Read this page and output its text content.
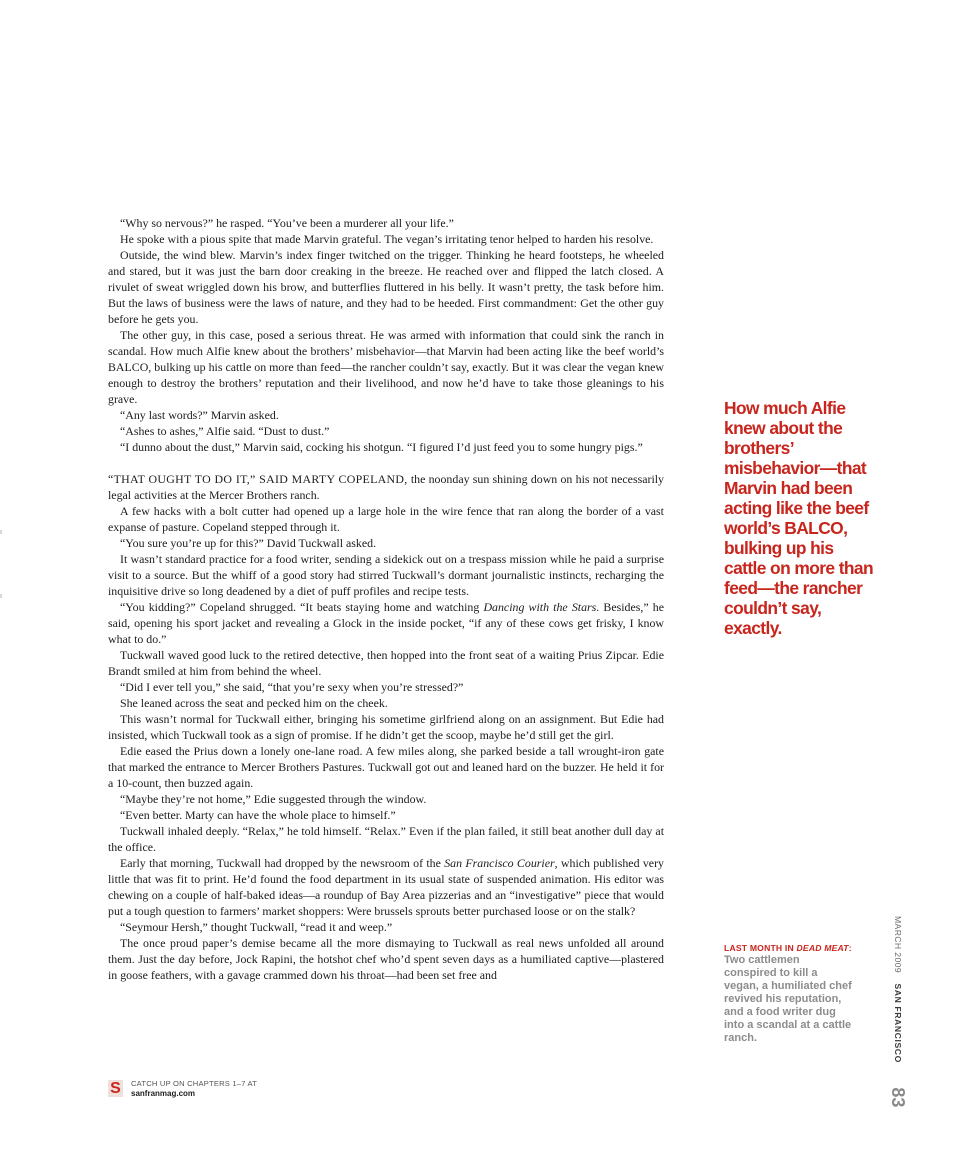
“Why so nervous?” he rasped. “You’ve been a murderer all your life.”

He spoke with a pious spite that made Marvin grateful. The vegan’s irritating tenor helped to harden his resolve.

Outside, the wind blew. Marvin’s index finger twitched on the trigger. Thinking he heard footsteps, he wheeled and stared, but it was just the barn door creaking in the breeze. He reached over and flipped the latch closed. A rivulet of sweat wriggled down his brow, and butterflies fluttered in his belly. It wasn’t pretty, the task before him. But the laws of business were the laws of nature, and they had to be heeded. First commandment: Get the other guy before he gets you.

The other guy, in this case, posed a serious threat. He was armed with information that could sink the ranch in scandal. How much Alfie knew about the brothers’ misbehavior—that Marvin had been acting like the beef world’s BALCO, bulking up his cattle on more than feed—the rancher couldn’t say, exactly. But it was clear the vegan knew enough to destroy the brothers’ reputation and their livelihood, and now he’d have to take those gleanings to his grave.

“Any last words?” Marvin asked.

“Ashes to ashes,” Alfie said. “Dust to dust.”

“I dunno about the dust,” Marvin said, cocking his shotgun. “I figured I’d just feed you to some hungry pigs.”

“THAT OUGHT TO DO IT,” SAID MARTY COPELAND, the noonday sun shining down on his not necessarily legal activities at the Mercer Brothers ranch.

A few hacks with a bolt cutter had opened up a large hole in the wire fence that ran along the border of a vast expanse of pasture. Copeland stepped through it.

“You sure you’re up for this?” David Tuckwall asked.

It wasn’t standard practice for a food writer, sending a sidekick out on a trespass mission while he paid a surprise visit to a source. But the whiff of a good story had stirred Tuckwall’s dormant journalistic instincts, recharging the inquisitive drive so long deadened by a diet of puff profiles and recipe tests.

“You kidding?” Copeland shrugged. “It beats staying home and watching Dancing with the Stars. Besides,” he said, opening his sport jacket and revealing a Glock in the inside pocket, “if any of these cows get frisky, I know what to do.”

Tuckwall waved good luck to the retired detective, then hopped into the front seat of a waiting Prius Zipcar. Edie Brandt smiled at him from behind the wheel.

“Did I ever tell you,” she said, “that you’re sexy when you’re stressed?”

She leaned across the seat and pecked him on the cheek.

This wasn’t normal for Tuckwall either, bringing his sometime girlfriend along on an assignment. But Edie had insisted, which Tuckwall took as a sign of promise. If he didn’t get the scoop, maybe he’d still get the girl.

Edie eased the Prius down a lonely one-lane road. A few miles along, she parked beside a tall wrought-iron gate that marked the entrance to Mercer Brothers Pastures. Tuckwall got out and leaned hard on the buzzer. He held it for a 10-count, then buzzed again.

“Maybe they’re not home,” Edie suggested through the window.

“Even better. Marty can have the whole place to himself.”

Tuckwall inhaled deeply. “Relax,” he told himself. “Relax.” Even if the plan failed, it still beat another dull day at the office.

Early that morning, Tuckwall had dropped by the newsroom of the San Francisco Courier, which published very little that was fit to print. He’d found the food department in its usual state of suspended animation. His editor was chewing on a couple of half-baked ideas—a roundup of Bay Area pizzerias and an “investigative” piece that would put a tough question to farmers’ market shoppers: Were brussels sprouts better purchased loose or on the stalk?

“Seymour Hersh,” thought Tuckwall, “read it and weep.”

The once proud paper’s demise became all the more dismaying to Tuckwall as real news unfolded all around them. Just the day before, Jock Rapini, the hotshot chef who’d spent seven days as a humiliated captive—plastered in goose feathers, with a gavage crammed down his throat—had been set free and

How much Alfie knew about the brothers’ misbehavior—that Marvin had been acting like the beef world’s BALCO, bulking up his cattle on more than feed—the rancher couldn’t say, exactly.
LAST MONTH IN DEAD MEAT:
Two cattlemen conspired to kill a vegan, a humiliated chef revived his reputation, and a food writer dug into a scandal at a cattle ranch.
MARCH 2009 SAN FRANCISCO 83
S CATCH UP ON CHAPTERS 1–7 AT
sanfranmag.com
